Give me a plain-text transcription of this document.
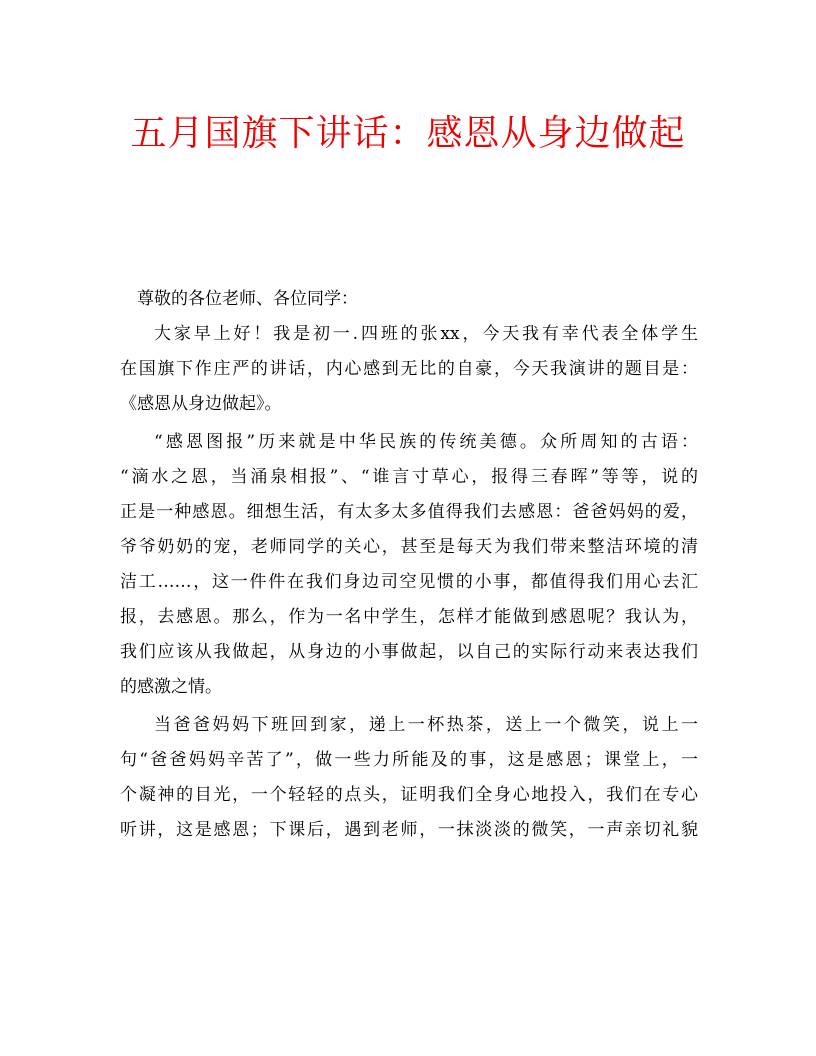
五月国旗下讲话：感恩从身边做起
尊敬的各位老师、各位同学：
大家早上好！我是初一.四班的张xx，今天我有幸代表全体学生
在国旗下作庄严的讲话，内心感到无比的自豪，今天我演讲的题目是：
《感恩从身边做起》。
“感恩图报”历来就是中华民族的传统美德。众所周知的古语：
“滴水之恩，当涌泉相报”、“谁言寸草心，报得三春晖”等等，说的
正是一种感恩。细想生活，有太多太多值得我们去感恩：爸爸妈妈的爱，
爷爷奶奶的宠，老师同学的关心，甚至是每天为我们带来整洁环境的清
洁工……，这一件件在我们身边司空见惯的小事，都值得我们用心去汇
报，去感恩。那么，作为一名中学生，怎样才能做到感恩呢？我认为，
我们应该从我做起，从身边的小事做起，以自己的实际行动来表达我们
的感激之情。
当爸爸妈妈下班回到家，递上一杯热茶，送上一个微笑，说上一
句“爸爸妈妈辛苦了”，做一些力所能及的事，这是感恩；课堂上，一
个凝神的目光，一个轻轻的点头，证明我们全身心地投入，我们在专心
听讲，这是感恩；下课后，遇到老师，一抹淡淡的微笑，一声亲切礼貌
